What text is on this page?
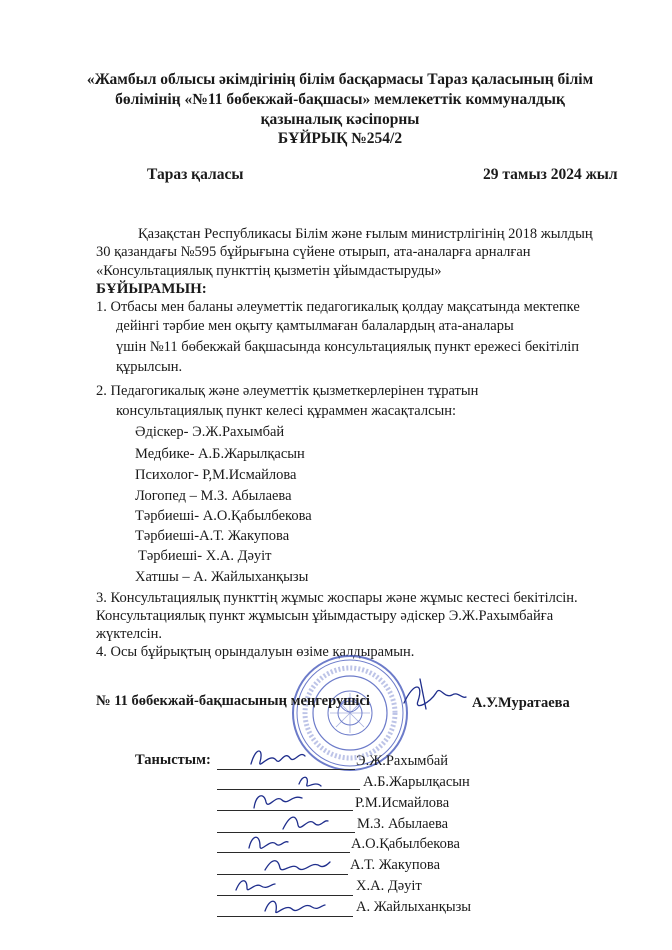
«Жамбыл облысы әкімдігінің білім басқармасы Тараз қаласының білім

бөлімінің «№11 бөбекжай-бақшасы» мемлекеттік коммуналдық

қазыналық кәсіпорны

БҰЙРЫҚ №254/2

Тараз қаласы	29 тамыз 2024 жыл

Қазақстан Республикасы Білім және ғылым министрлігінің 2018 жылдың

30 қазандағы №595 бұйрығына сүйене отырып, ата-аналарға арналған

«Консультациялық пункттің қызметін ұйымдастыруды»

БҰЙЫРАМЫН:

1. Отбасы мен баланы әлеуметтік педагогикалық қолдау мақсатында мектепке

дейінгі тәрбие мен оқыту қамтылмаған балалардың ата-аналары

үшін №11 бөбекжай бақшасында консультациялық пункт ережесі бекітіліп

құрылсын.

2. Педагогикалық және әлеуметтік қызметкерлерінен тұратын

консультациялық пункт келесі құраммен жасақталсын:

Әдіскер- Э.Ж.Рахымбай

Медбике- А.Б.Жарылқасын

Психолог- Р,М.Исмайлова

Логопед – М.З. Абылаева

Тәрбиеші- А.О.Қабылбекова

Тәрбиеші-А.Т. Жакупова

Тәрбиеші- Х.А. Дәуіт

Хатшы – А. Жайлыханқызы

3. Консультациялық пункттің жұмыс жоспары және жұмыс кестесі бекітілсін.

Консультациялық пункт жұмысын ұйымдастыру әдіскер Э.Ж.Рахымбайға

жүктелсін.

4. Осы бұйрықтың орындалуын өзіме қалдырамын.

№ 11 бөбекжай-бақшасының меңгерушісі	А.У.Муратаева
Таныстым:	Э.Ж.Рахымбай
А.Б.Жарылқасын
Р.М.Исмайлова
М.З. Абылаева
А.О.Қабылбекова
А.Т. Жакупова
Х.А. Дәуіт
А. Жайлыханқызы
